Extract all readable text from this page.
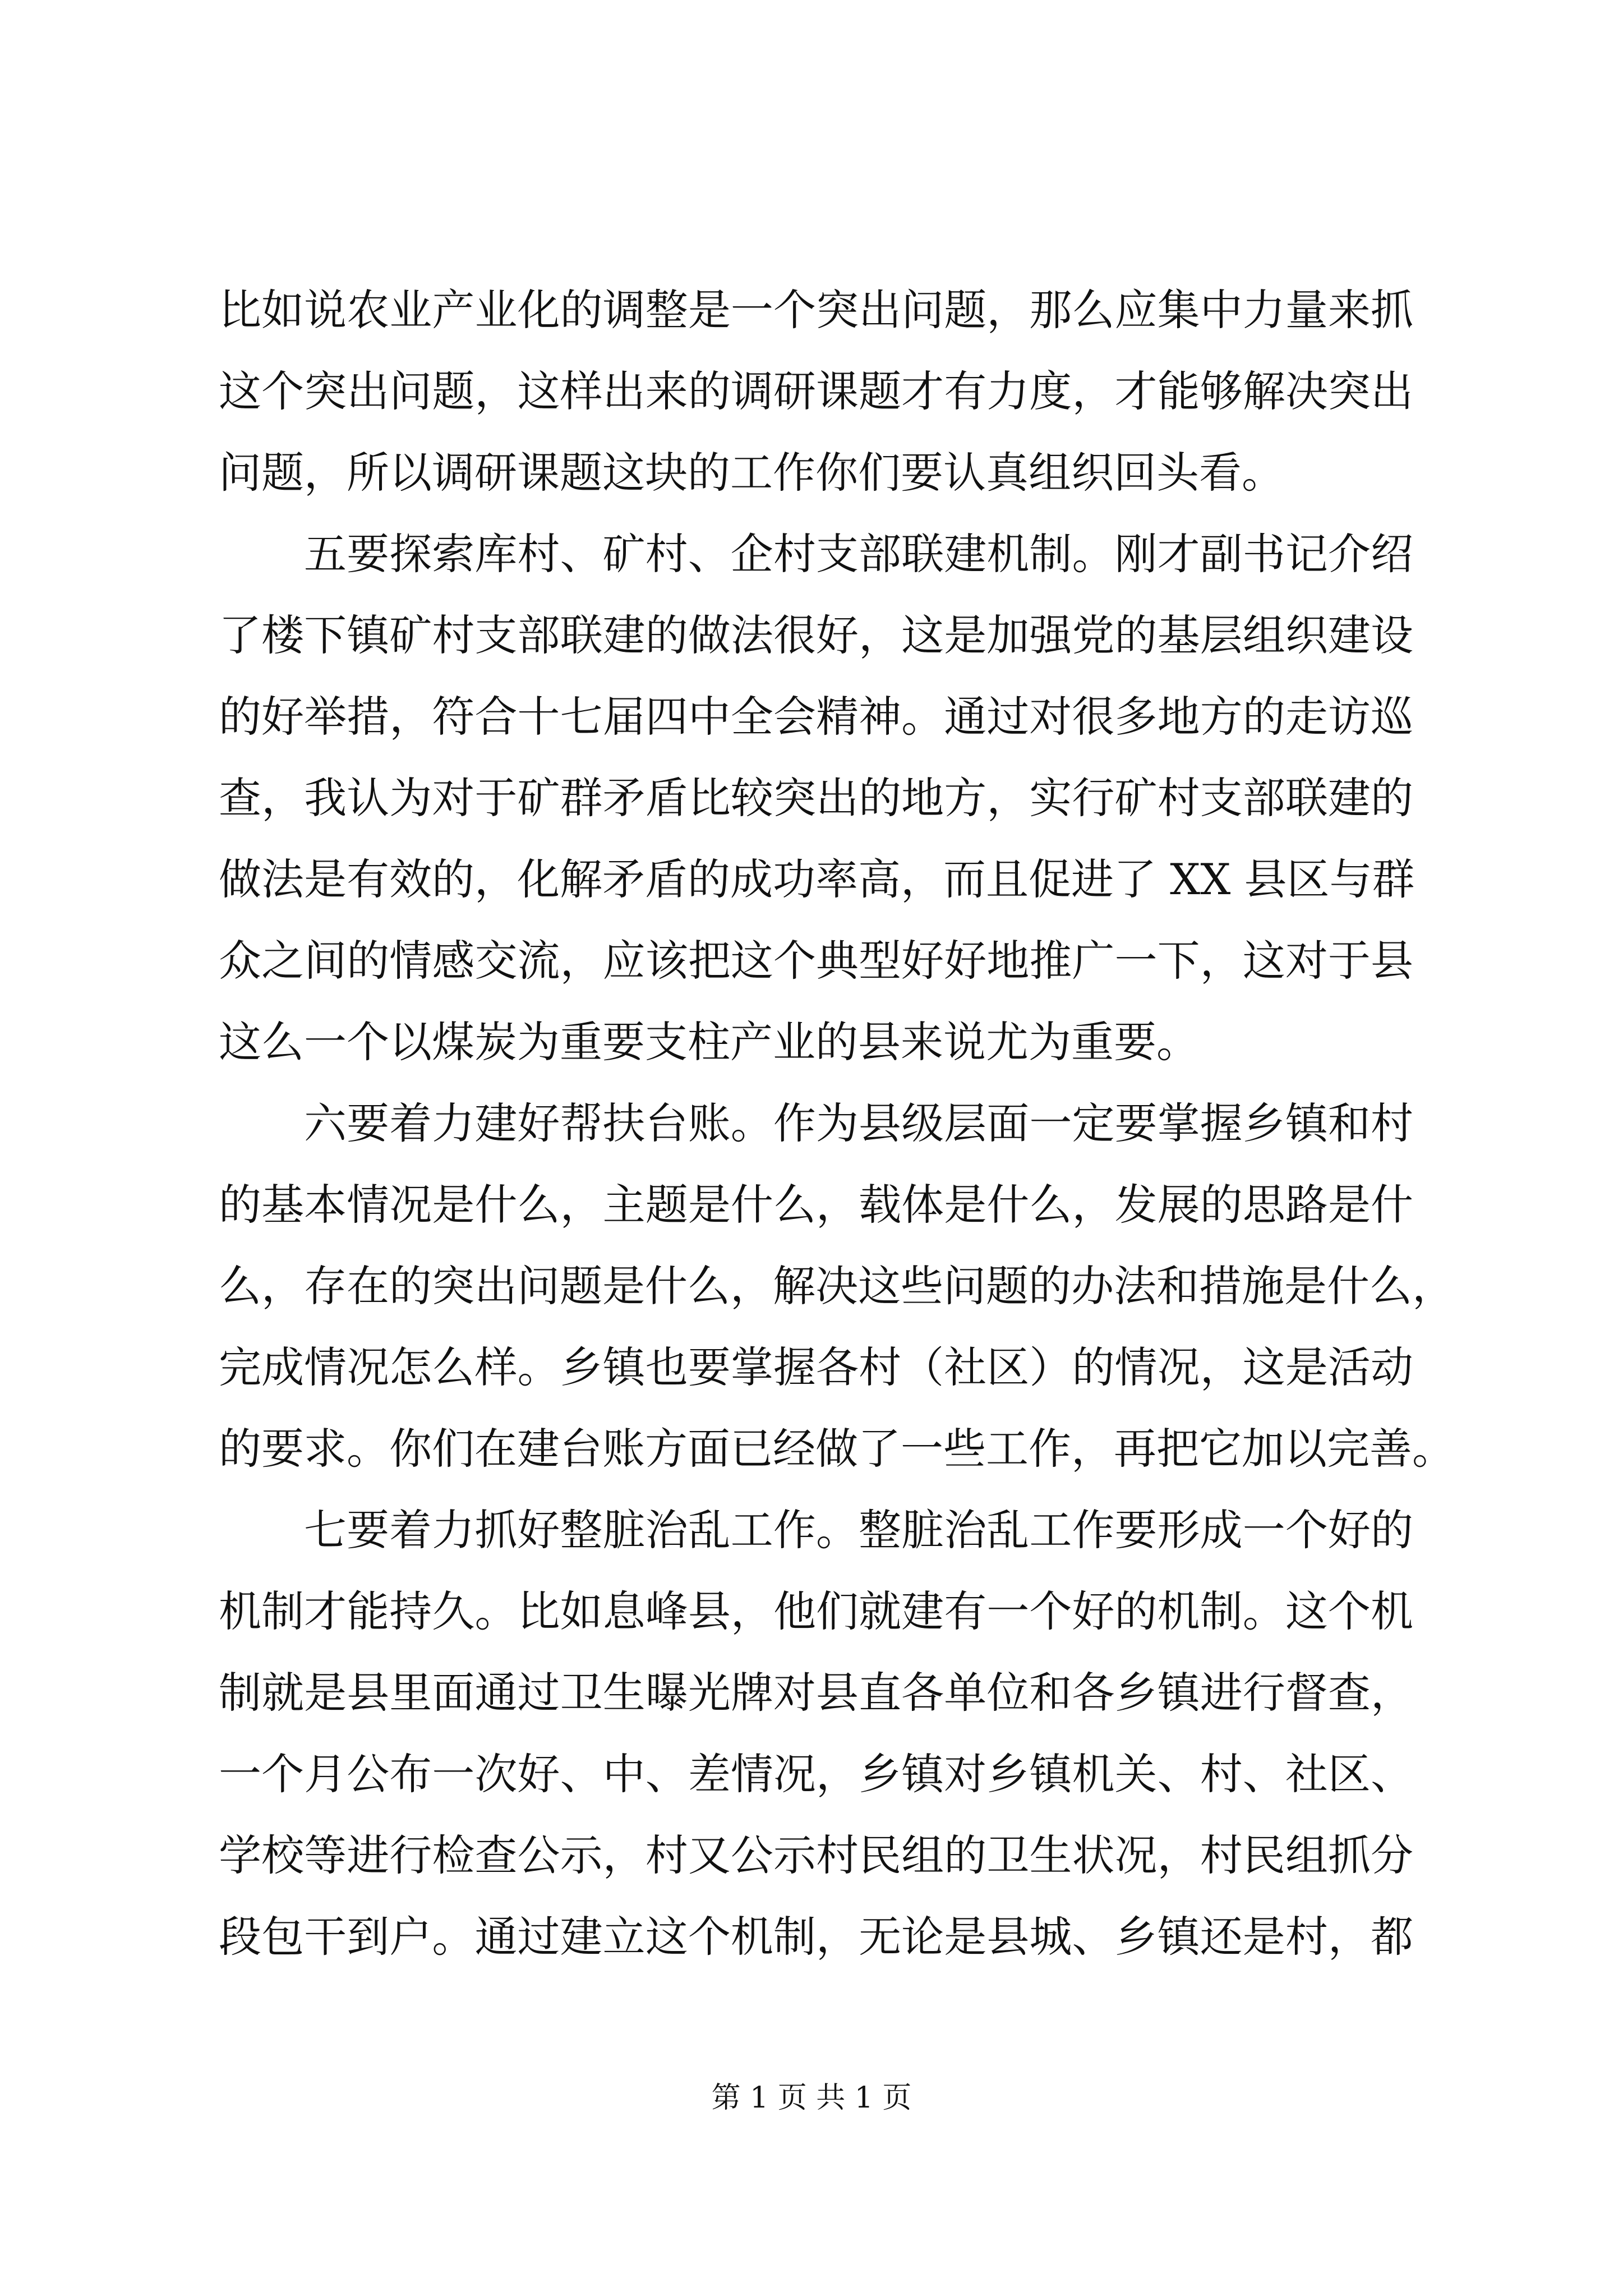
比如说农业产业化的调整是一个突出问题，那么应集中力量来抓
这个突出问题，这样出来的调研课题才有力度，才能够解决突出
问题，所以调研课题这块的工作你们要认真组织回头看。
五要探索库村、矿村、企村支部联建机制。刚才副书记介绍
了楼下镇矿村支部联建的做法很好，这是加强党的基层组织建设
的好举措，符合十七届四中全会精神。通过对很多地方的走访巡
查，我认为对于矿群矛盾比较突出的地方，实行矿村支部联建的
做法是有效的，化解矛盾的成功率高，而且促进了 XX 县区与群
众之间的情感交流，应该把这个典型好好地推广一下，这对于县
这么一个以煤炭为重要支柱产业的县来说尤为重要。
六要着力建好帮扶台账。作为县级层面一定要掌握乡镇和村
的基本情况是什么，主题是什么，载体是什么，发展的思路是什
么，存在的突出问题是什么，解决这些问题的办法和措施是什么，
完成情况怎么样。乡镇也要掌握各村（社区）的情况，这是活动
的要求。你们在建台账方面已经做了一些工作，再把它加以完善。
七要着力抓好整脏治乱工作。整脏治乱工作要形成一个好的
机制才能持久。比如息峰县，他们就建有一个好的机制。这个机
制就是县里面通过卫生曝光牌对县直各单位和各乡镇进行督查，
一个月公布一次好、中、差情况，乡镇对乡镇机关、村、社区、
学校等进行检查公示，村又公示村民组的卫生状况，村民组抓分
段包干到户。通过建立这个机制，无论是县城、乡镇还是村，都
第 1 页 共 1 页
